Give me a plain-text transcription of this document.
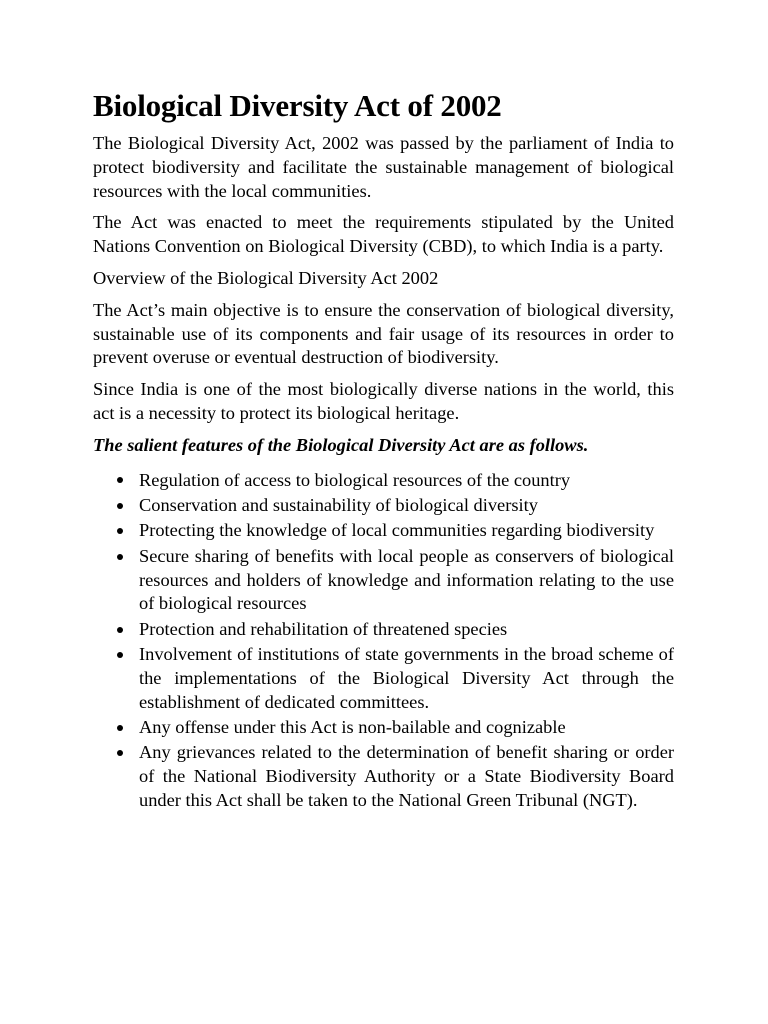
Biological Diversity Act of 2002

The Biological Diversity Act, 2002 was passed by the parliament of India to protect biodiversity and facilitate the sustainable management of biological resources with the local communities.

The Act was enacted to meet the requirements stipulated by the United Nations Convention on Biological Diversity (CBD), to which India is a party.

Overview of the Biological Diversity Act 2002

The Act’s main objective is to ensure the conservation of biological diversity, sustainable use of its components and fair usage of its resources in order to prevent overuse or eventual destruction of biodiversity.

Since India is one of the most biologically diverse nations in the world, this act is a necessity to protect its biological heritage.

The salient features of the Biological Diversity Act are as follows.

Regulation of access to biological resources of the country
Conservation and sustainability of biological diversity
Protecting the knowledge of local communities regarding biodiversity
Secure sharing of benefits with local people as conservers of biological resources and holders of knowledge and information relating to the use of biological resources
Protection and rehabilitation of threatened species
Involvement of institutions of state governments in the broad scheme of the implementations of the Biological Diversity Act through the establishment of dedicated committees.
Any offense under this Act is non-bailable and cognizable
Any grievances related to the determination of benefit sharing or order of the National Biodiversity Authority or a State Biodiversity Board under this Act shall be taken to the National Green Tribunal (NGT).
